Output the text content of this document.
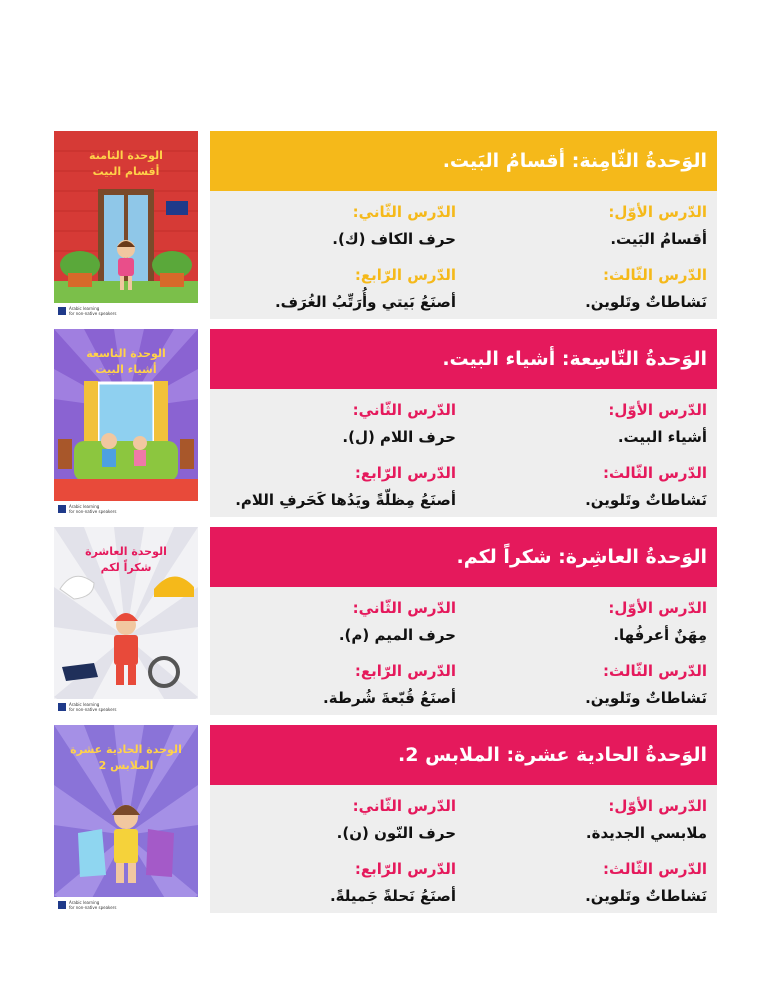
الوحدة الثامنة
أقسام البيت
Arabic learning
for non-native speakers
الوَحدةُ الثّامِنة: أقسامُ البَيت.
الدّرس الأوّل:
أقسامُ البَيت.
الدّرس الثّاني:
حرف الكاف (ك).
الدّرس الثّالث:
نَشاطاتٌ وتَلوين.
الدّرس الرّابع:
أصنَعُ بَيتي وأُرَتِّبُ الغُرَف.
الوحدة التاسعة
أشياء البيت
Arabic learning
for non-native speakers
الوَحدةُ التّاسِعة: أشياء البيت.
الدّرس الأوّل:
أشياء البيت.
الدّرس الثّاني:
حرف اللام (ل).
الدّرس الثّالث:
نَشاطاتٌ وتَلوين.
الدّرس الرّابع:
أصنَعُ مِظلّةً ويَدُها كَحَرفِ اللام.
الوحدة العاشرة
شكراً لكم
Arabic learning
for non-native speakers
الوَحدةُ العاشِرة: شكراً لكم.
الدّرس الأوّل:
مِهَنٌ أعرفُها.
الدّرس الثّاني:
حرف الميم (م).
الدّرس الثّالث:
نَشاطاتٌ وتَلوين.
الدّرس الرّابع:
أصنَعُ قُبّعةَ شُرطة.
الوحدة الحادية عشرة
الملابس 2
Arabic learning
for non-native speakers
الوَحدةُ الحادية عشرة: الملابس 2.
الدّرس الأوّل:
ملابسي الجديدة.
الدّرس الثّاني:
حرف النّون (ن).
الدّرس الثّالث:
نَشاطاتٌ وتَلوين.
الدّرس الرّابع:
أصنَعُ نَحلةً جَميلةً.
